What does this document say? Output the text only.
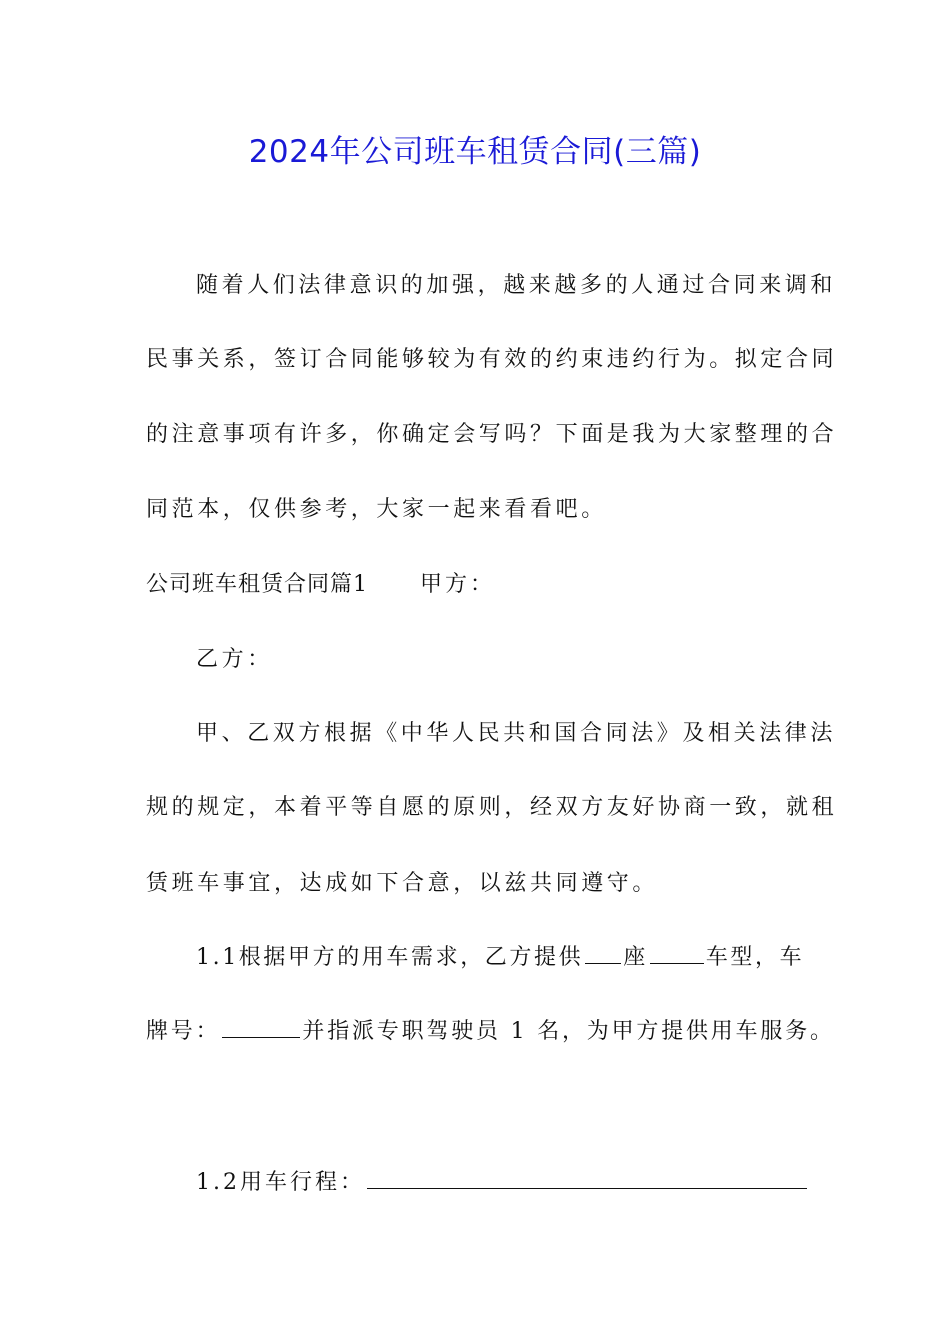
2024年公司班车租赁合同(三篇)
随着人们法律意识的加强，越来越多的人通过合同来调和
民事关系，签订合同能够较为有效的约束违约行为。拟定合同
的注意事项有许多，你确定会写吗？下面是我为大家整理的合
同范本，仅供参考，大家一起来看看吧。
公司班车租赁合同篇1 甲方：
乙方：
甲、乙双方根据《中华人民共和国合同法》及相关法律法
规的规定，本着平等自愿的原则，经双方友好协商一致，就租
赁班车事宜，达成如下合意，以兹共同遵守。
1.1根据甲方的用车需求，乙方提供 座	车型，车
牌号：	并指派专职驾驶员 1 名，为甲方提供用车服务。
1.2用车行程：
